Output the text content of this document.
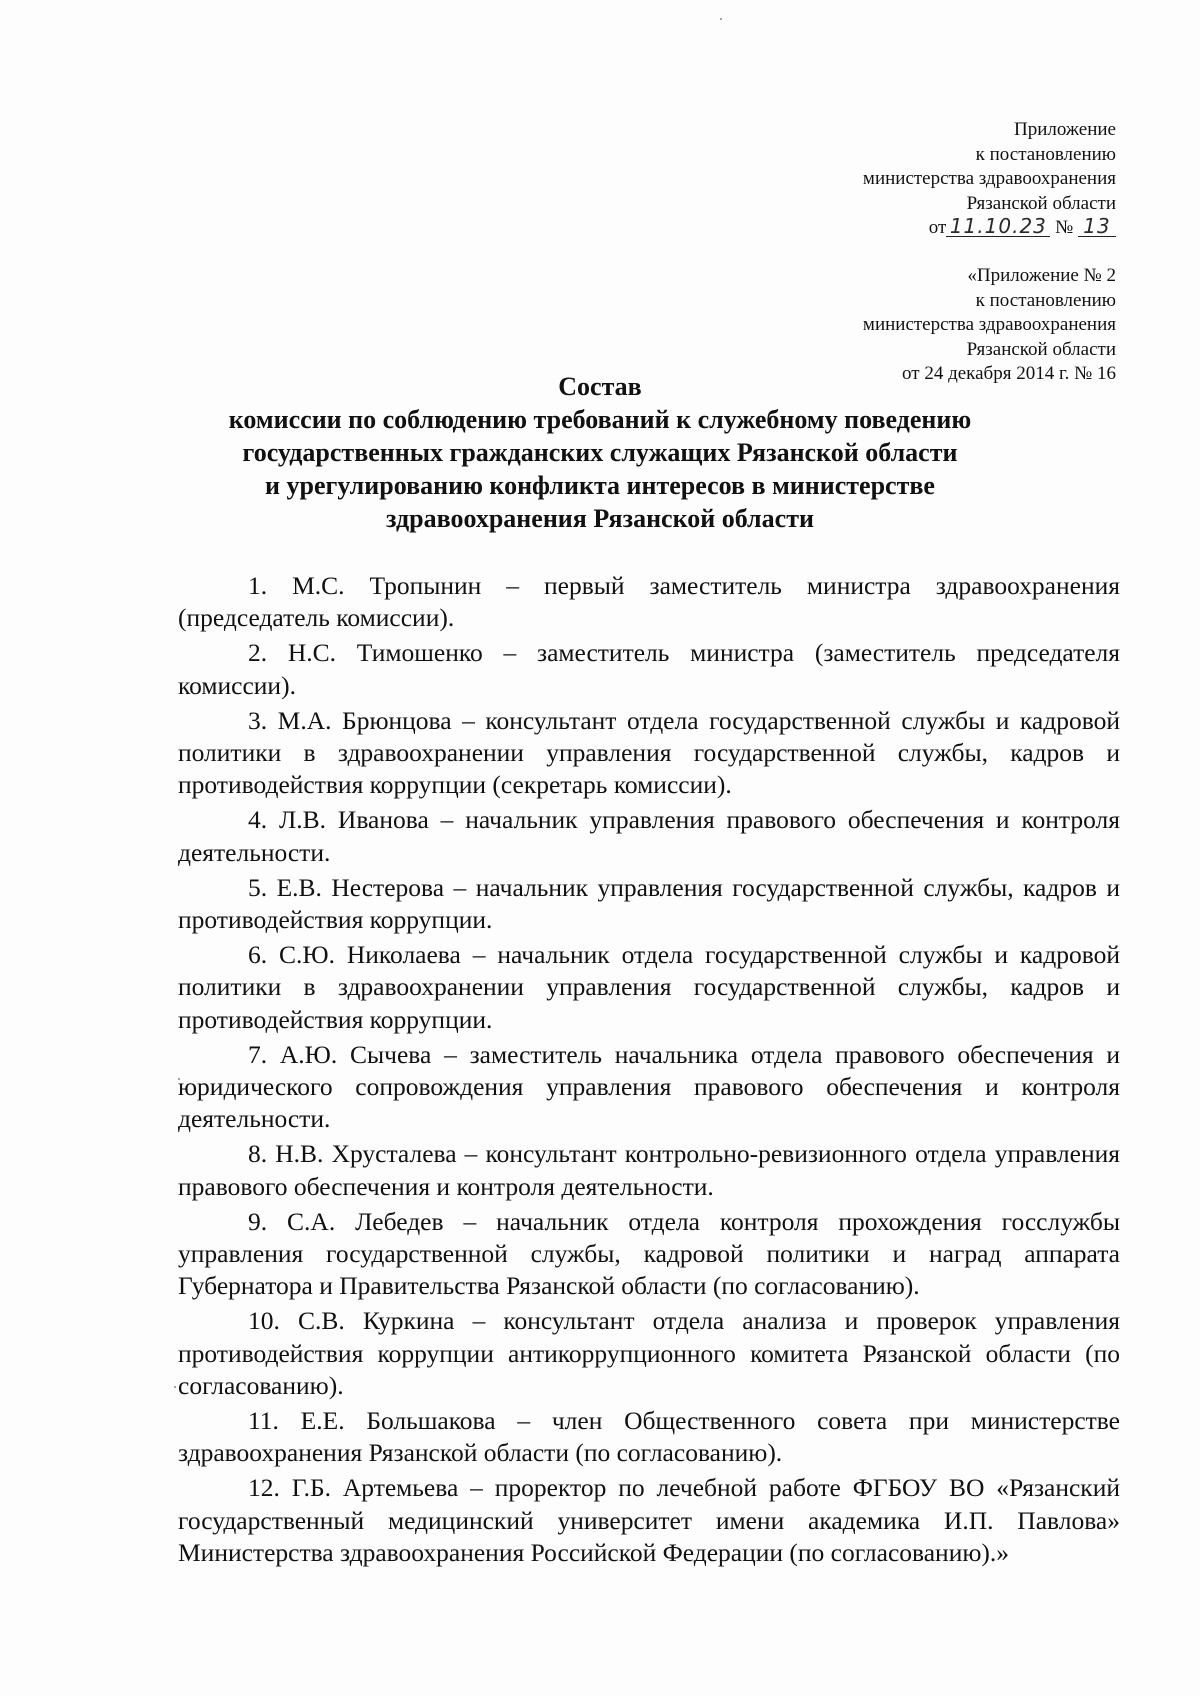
Приложение
к постановлению
министерства здравоохранения
Рязанской области
от 11.10.23 № 13
«Приложение № 2
к постановлению
министерства здравоохранения
Рязанской области
от 24 декабря 2014 г. № 16
Состав
комиссии по соблюдению требований к служебному поведению
государственных гражданских служащих Рязанской области
и урегулированию конфликта интересов в министерстве
здравоохранения Рязанской области

1. М.С. Тропынин – первый заместитель министра здравоохранения (председатель комиссии).

2. Н.С. Тимошенко – заместитель министра (заместитель председателя комиссии).

3. М.А. Брюнцова – консультант отдела государственной службы и кадровой политики в здравоохранении управления государственной службы, кадров и противодействия коррупции (секретарь комиссии).

4. Л.В. Иванова – начальник управления правового обеспечения и контроля деятельности.

5. Е.В. Нестерова – начальник управления государственной службы, кадров и противодействия коррупции.

6. С.Ю. Николаева – начальник отдела государственной службы и кадровой политики в здравоохранении управления государственной службы, кадров и противодействия коррупции.

7. А.Ю. Сычева – заместитель начальника отдела правового обеспечения и юридического сопровождения управления правового обеспечения и контроля деятельности.

8. Н.В. Хрусталева – консультант контрольно-ревизионного отдела управления правового обеспечения и контроля деятельности.

9. С.А. Лебедев – начальник отдела контроля прохождения госслужбы управления государственной службы, кадровой политики и наград аппарата Губернатора и Правительства Рязанской области (по согласованию).

10. С.В. Куркина – консультант отдела анализа и проверок управления противодействия коррупции антикоррупционного комитета Рязанской области (по согласованию).

11. Е.Е. Большакова – член Общественного совета при министерстве здравоохранения Рязанской области (по согласованию).

12. Г.Б. Артемьева – проректор по лечебной работе ФГБОУ ВО «Рязанский государственный медицинский университет имени академика И.П. Павлова» Министерства здравоохранения Российской Федерации (по согласованию).»
